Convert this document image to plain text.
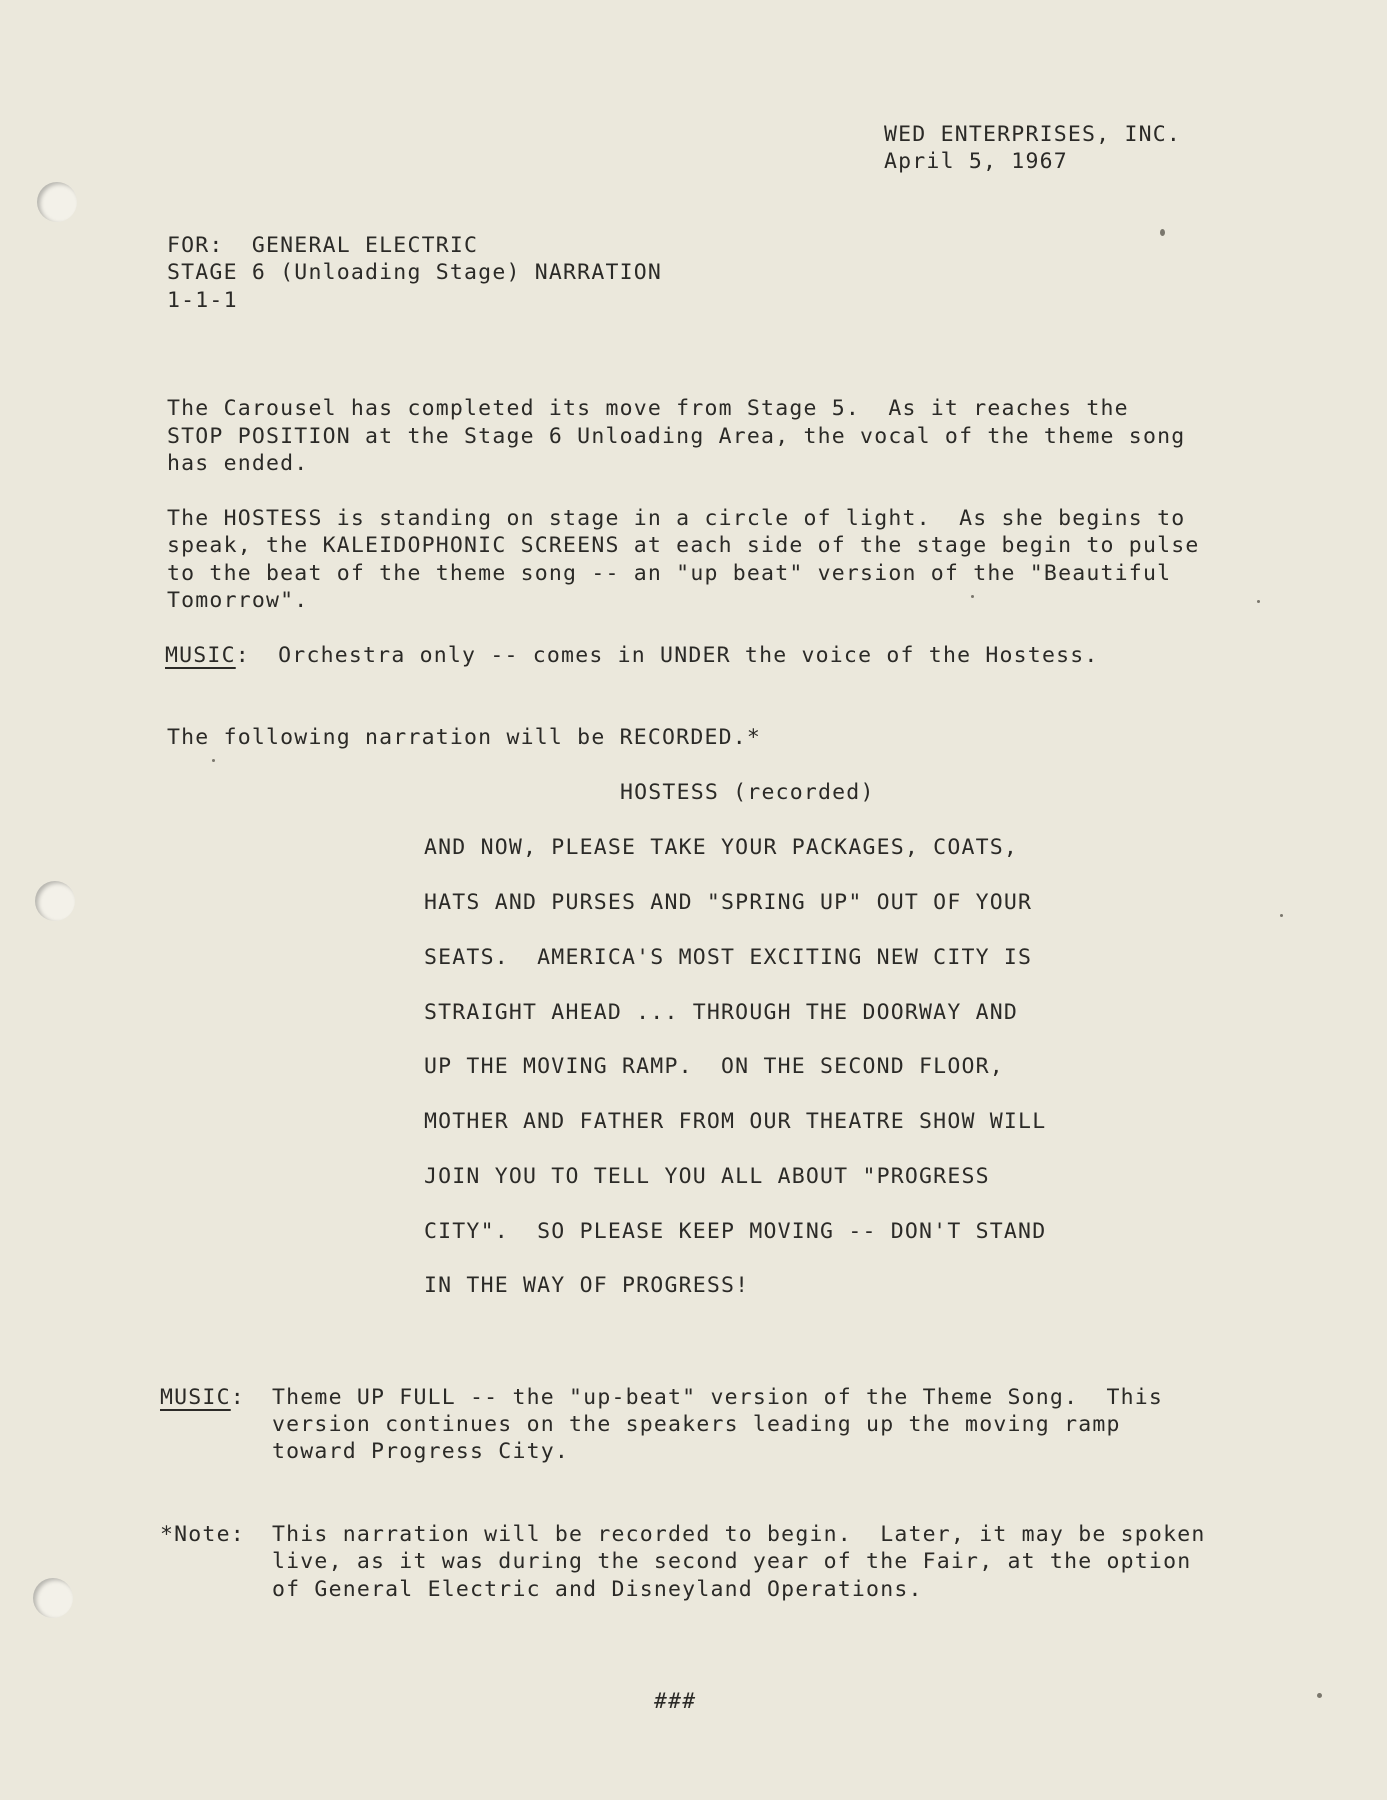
WED ENTERPRISES, INC.
April 5, 1967
FOR:  GENERAL ELECTRIC
STAGE 6 (Unloading Stage) NARRATION
1-1-1
The Carousel has completed its move from Stage 5.  As it reaches the
STOP POSITION at the Stage 6 Unloading Area, the vocal of the theme song
has ended.
The HOSTESS is standing on stage in a circle of light.  As she begins to
speak, the KALEIDOPHONIC SCREENS at each side of the stage begin to pulse
to the beat of the theme song -- an "up beat" version of the "Beautiful
Tomorrow".
MUSIC:  Orchestra only -- comes in UNDER the voice of the Hostess.
The following narration will be RECORDED.*
HOSTESS (recorded)
AND NOW, PLEASE TAKE YOUR PACKAGES, COATS,
HATS AND PURSES AND "SPRING UP" OUT OF YOUR
SEATS.  AMERICA'S MOST EXCITING NEW CITY IS
STRAIGHT AHEAD ... THROUGH THE DOORWAY AND
UP THE MOVING RAMP.  ON THE SECOND FLOOR,
MOTHER AND FATHER FROM OUR THEATRE SHOW WILL
JOIN YOU TO TELL YOU ALL ABOUT "PROGRESS
CITY".  SO PLEASE KEEP MOVING -- DON'T STAND
IN THE WAY OF PROGRESS!
MUSIC: Theme UP FULL -- the "up-beat" version of the Theme Song.  This
version continues on the speakers leading up the moving ramp
toward Progress City.
*Note: This narration will be recorded to begin.  Later, it may be spoken
live, as it was during the second year of the Fair, at the option
of General Electric and Disneyland Operations.
###
